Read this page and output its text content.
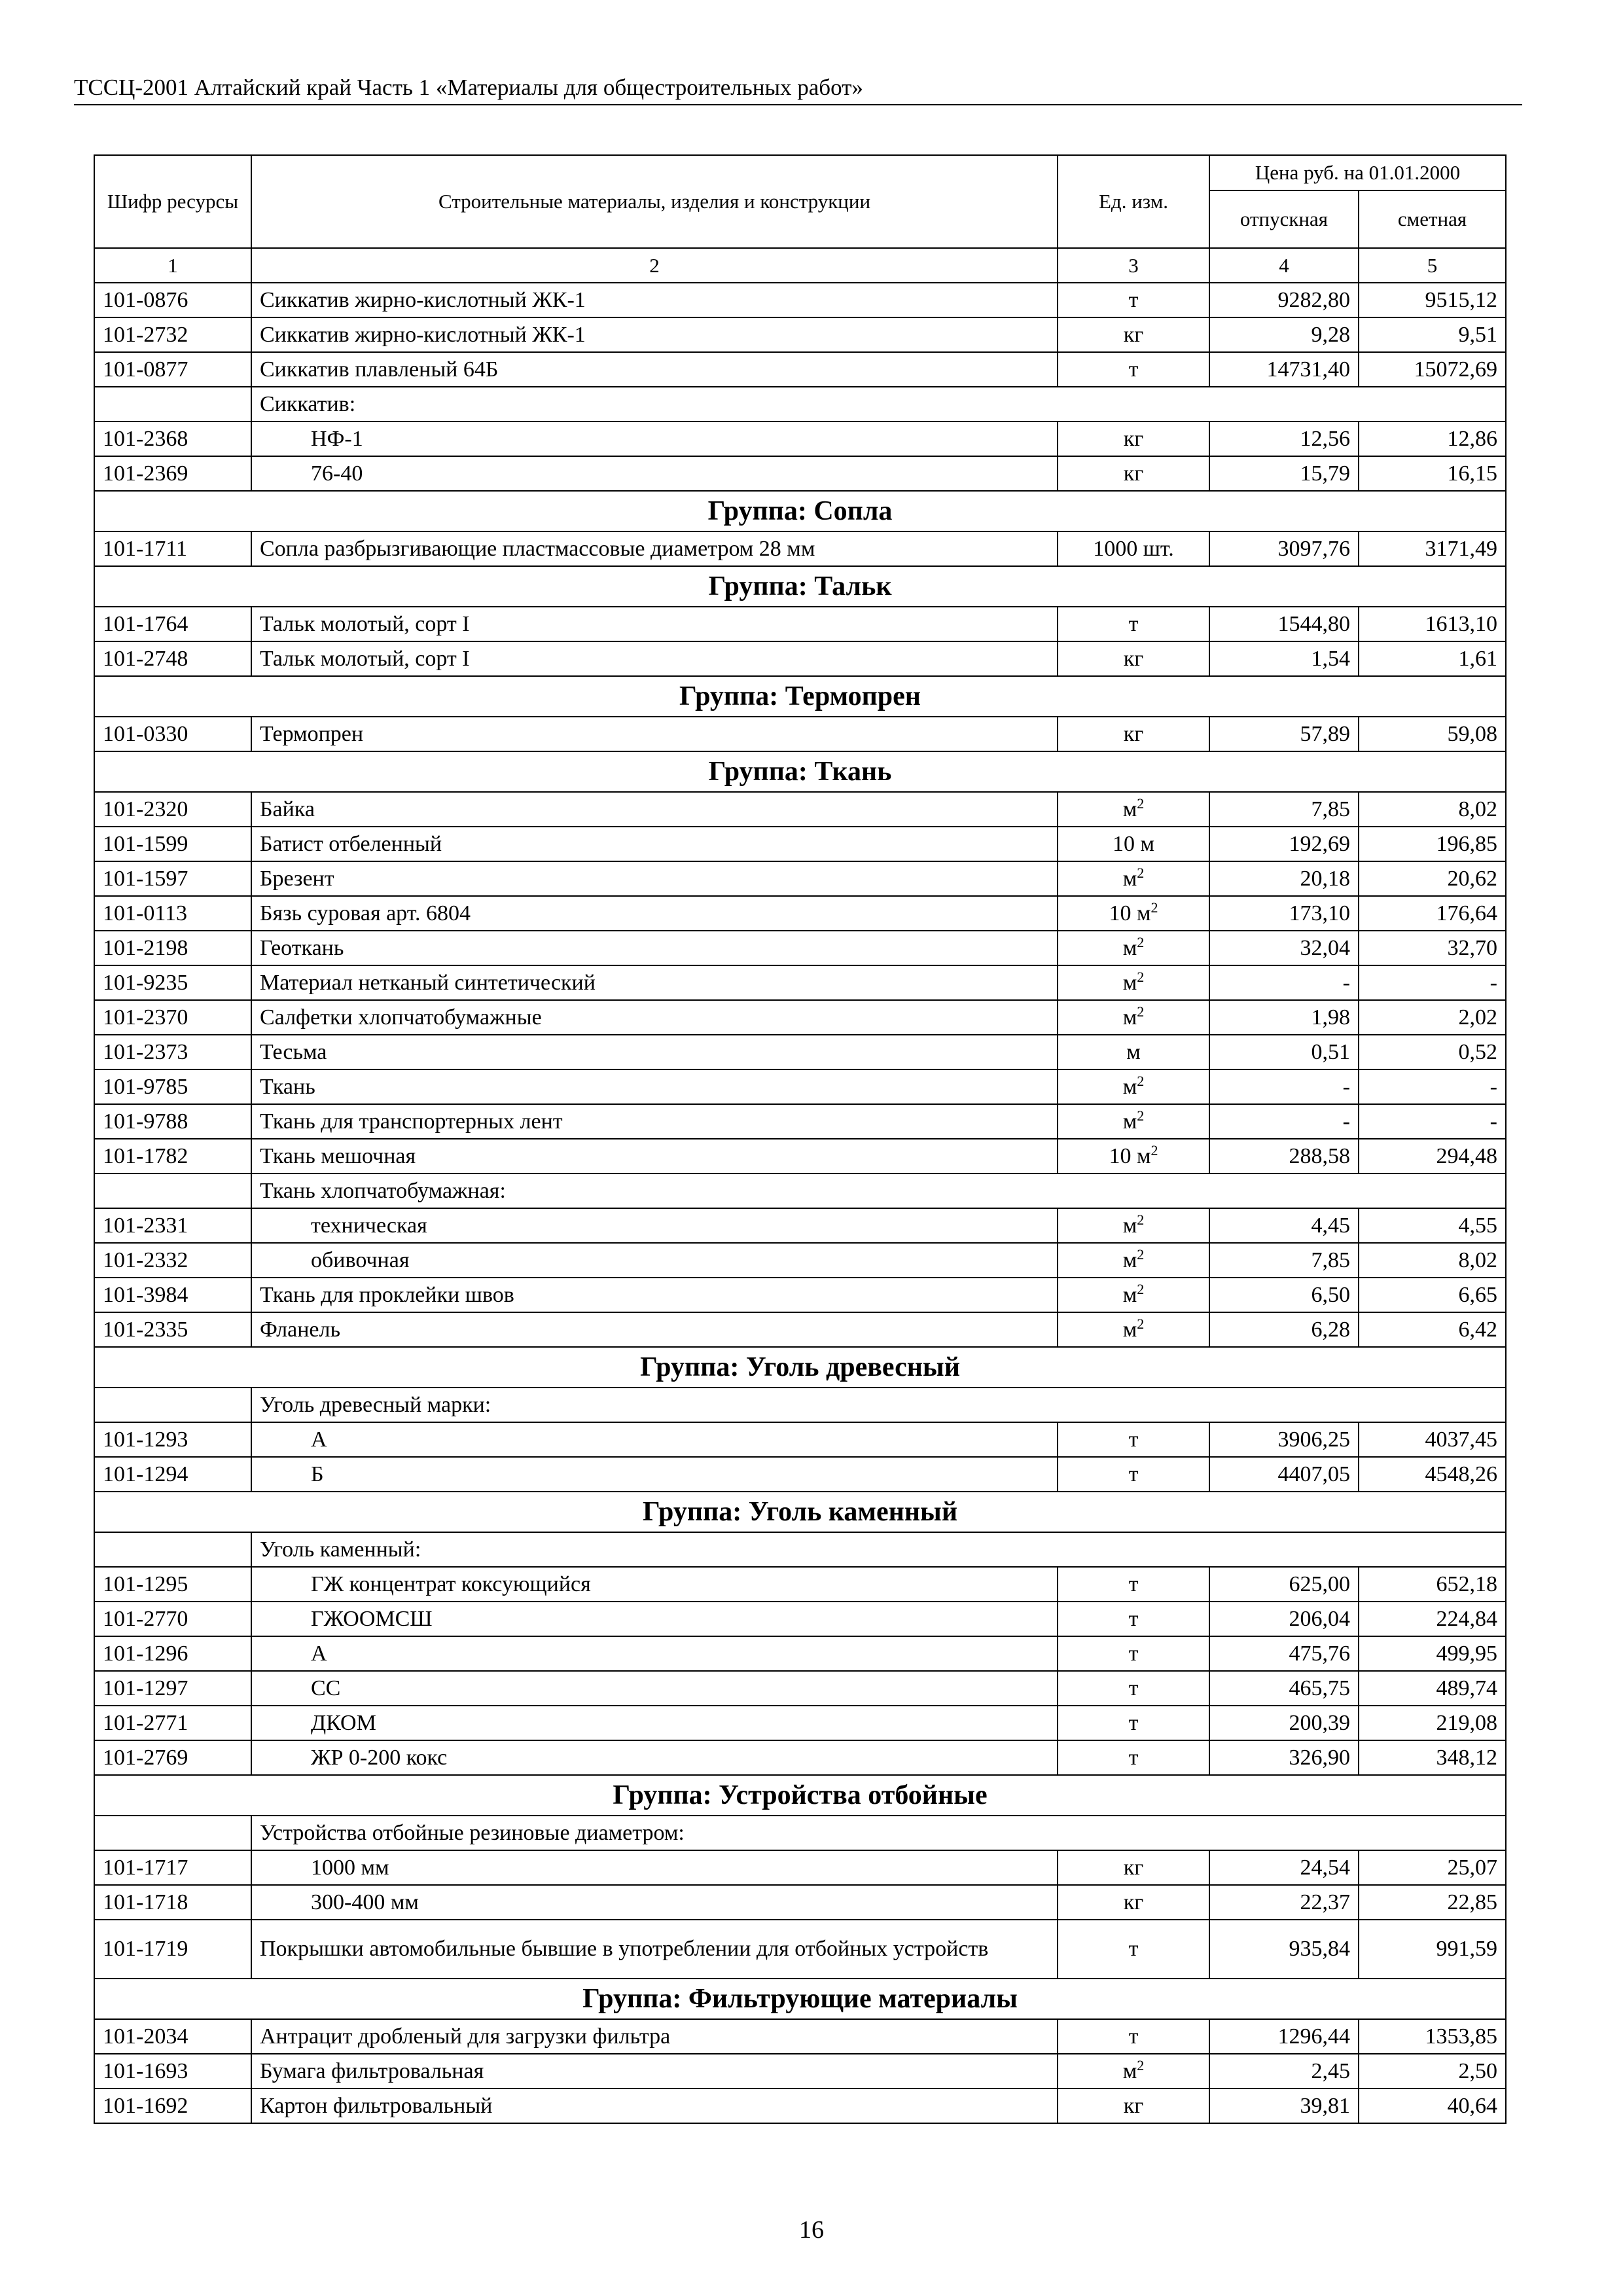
ТССЦ-2001 Алтайский край Часть 1 «Материалы для общестроительных работ»
Шифр ресурсы	Строительные материалы, изделия и конструкции	Ед. изм.	Цена руб. на 01.01.2000	
			отпускная	сметная
1	2	3	4	5
101-0876	Сиккатив жирно-кислотный ЖК-1	т	9282,80	9515,12
101-2732	Сиккатив жирно-кислотный ЖК-1	кг	9,28	9,51
101-0877	Сиккатив плавленый 64Б	т	14731,40	15072,69
	Сиккатив:			
101-2368	НФ-1	кг	12,56	12,86
101-2369	76-40	кг	15,79	16,15
Группа: Сопла				
101-1711	Сопла разбрызгивающие пластмассовые диаметром 28 мм	1000 шт.	3097,76	3171,49
Группа: Тальк				
101-1764	Тальк молотый, сорт I	т	1544,80	1613,10
101-2748	Тальк молотый, сорт I	кг	1,54	1,61
Группа: Термопрен				
101-0330	Термопрен	кг	57,89	59,08
Группа: Ткань				
101-2320	Байка	$м^2$	7,85	8,02
101-1599	Батист отбеленный	10 м	192,69	196,85
101-1597	Брезент	$м^2$	20,18	20,62
101-0113	Бязь суровая арт. 6804	10 $м^2$	173,10	176,64
101-2198	Геоткань	$м^2$	32,04	32,70
101-9235	Материал нетканый синтетический	$м^2$	-	-
101-2370	Салфетки хлопчатобумажные	$м^2$	1,98	2,02
101-2373	Тесьма	м	0,51	0,52
101-9785	Ткань	$м^2$	-	-
101-9788	Ткань для транспортерных лент	$м^2$	-	-
101-1782	Ткань мешочная	10 $м^2$	288,58	294,48
	Ткань хлопчатобумажная:			
101-2331	техническая	$м^2$	4,45	4,55
101-2332	обивочная	$м^2$	7,85	8,02
101-3984	Ткань для проклейки швов	$м^2$	6,50	6,65
101-2335	Фланель	$м^2$	6,28	6,42
Группа: Уголь древесный				
	Уголь древесный марки:			
101-1293	А	т	3906,25	4037,45
101-1294	Б	т	4407,05	4548,26
Группа: Уголь каменный				
	Уголь каменный:			
101-1295	ГЖ концентрат коксующийся	т	625,00	652,18
101-2770	ГЖООМСШ	т	206,04	224,84
101-1296	А	т	475,76	499,95
101-1297	СС	т	465,75	489,74
101-2771	ДКОМ	т	200,39	219,08
101-2769	ЖР 0-200 кокс	т	326,90	348,12
Группа: Устройства отбойные				
	Устройства отбойные резиновые диаметром:			
101-1717	1000 мм	кг	24,54	25,07
101-1718	300-400 мм	кг	22,37	22,85
101-1719	Покрышки автомобильные бывшие в употреблении для отбойных устройств	т	935,84	991,59
Группа: Фильтрующие материалы				
101-2034	Антрацит дробленый для загрузки фильтра	т	1296,44	1353,85
101-1693	Бумага фильтровальная	$м^2$	2,45	2,50
101-1692	Картон фильтровальный	кг	39,81	40,64
16
